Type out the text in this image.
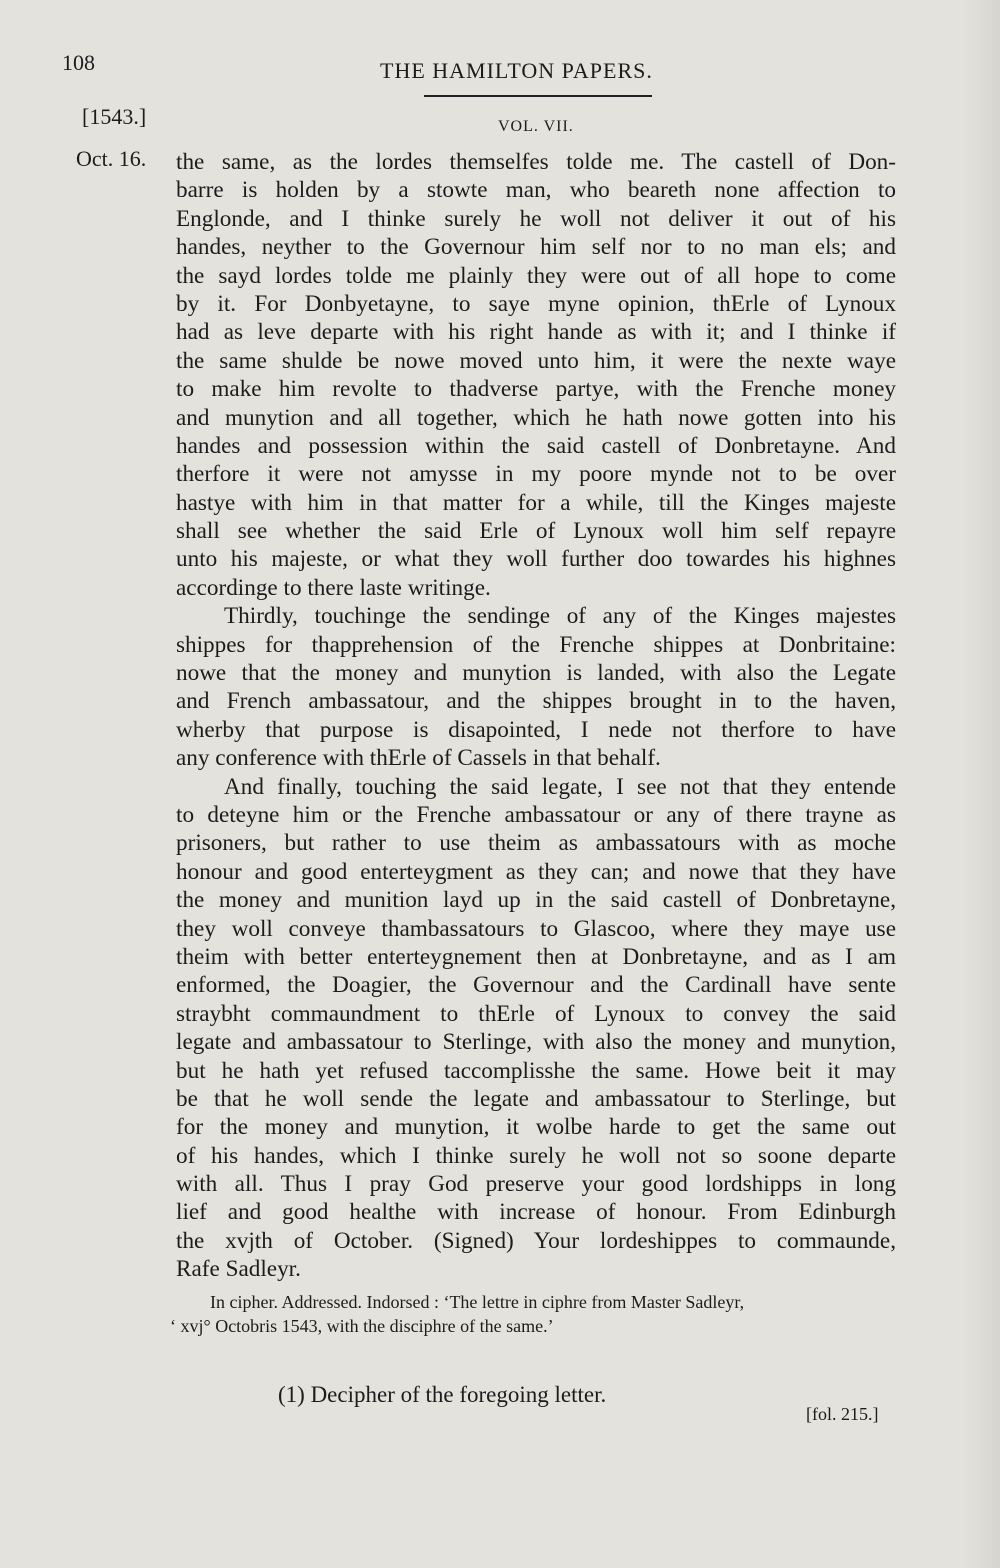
108	THE HAMILTON PAPERS.
[1543.]	VOL. VII.
Oct. 16. the same, as the lordes themselfes tolde me. The castell of Don-
barre is holden by a stowte man, who beareth none affection to
Englonde, and I thinke surely he woll not deliver it out of his
handes, neyther to the Governour him self nor to no man els; and
the sayd lordes tolde me plainly they were out of all hope to come
by it. For Donbyetayne, to saye myne opinion, thErle of Lynoux
had as leve departe with his right hande as with it; and I thinke if
the same shulde be nowe moved unto him, it were the nexte waye
to make him revolte to thadverse partye, with the Frenche money
and munytion and all together, which he hath nowe gotten into his
handes and possession within the said castell of Donbretayne. And
therfore it were not amysse in my poore mynde not to be over
hastye with him in that matter for a while, till the Kinges majeste
shall see whether the said Erle of Lynoux woll him self repayre
unto his majeste, or what they woll further doo towardes his highnes
accordinge to there laste writinge.
Thirdly, touchinge the sendinge of any of the Kinges majestes
shippes for thapprehension of the Frenche shippes at Donbritaine:
nowe that the money and munytion is landed, with also the Legate
and French ambassatour, and the shippes brought in to the haven,
wherby that purpose is disapointed, I nede not therfore to have
any conference with thErle of Cassels in that behalf.
And finally, touching the said legate, I see not that they entende
to deteyne him or the Frenche ambassatour or any of there trayne as
prisoners, but rather to use theim as ambassatours with as moche
honour and good enterteygment as they can; and nowe that they have
the money and munition layd up in the said castell of Donbretayne,
they woll conveye thambassatours to Glascoo, where they maye use
theim with better enterteygnement then at Donbretayne, and as I am
enformed, the Doagier, the Governour and the Cardinall have sente
straybht commaundment to thErle of Lynoux to convey the said
legate and ambassatour to Sterlinge, with also the money and munytion,
but he hath yet refused taccomplisshe the same. Howe beit it may
be that he woll sende the legate and ambassatour to Sterlinge, but
for the money and munytion, it wolbe harde to get the same out
of his handes, which I thinke surely he woll not so soone departe
with all. Thus I pray God preserve your good lordshipps in long
lief and good healthe with increase of honour. From Edinburgh
the xvjth of October. (Signed) Your lordeshippes to commaunde,
Rafe Sadleyr.
In cipher. Addressed. Indorsed : ‘The lettre in ciphre from Master Sadleyr,
‘ xvj° Octobris 1543, with the disciphre of the same.’
(1) Decipher of the foregoing letter.
[fol. 215.]
